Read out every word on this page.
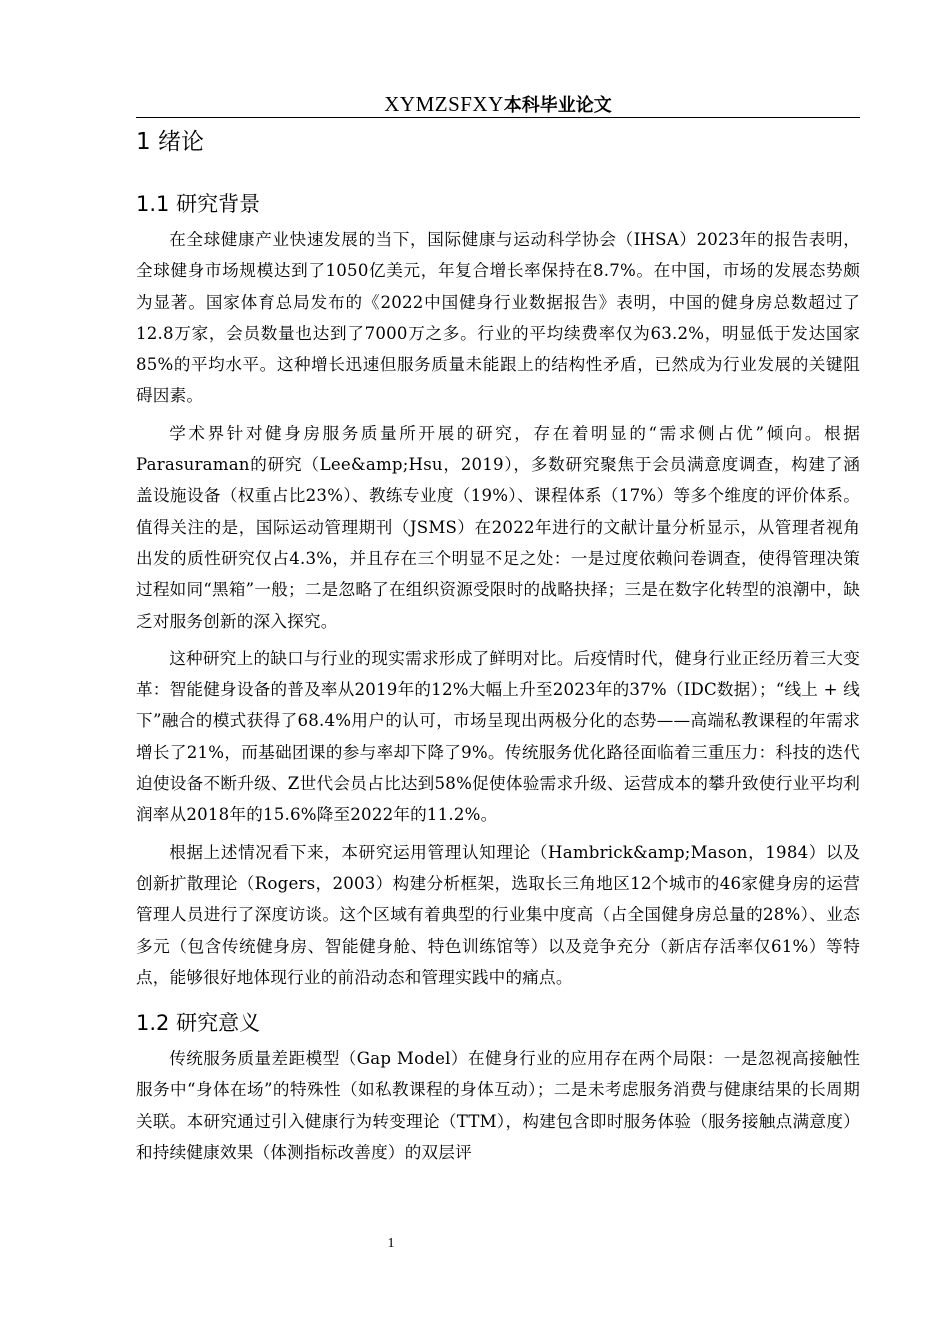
XYMZSFXY本科毕业论文
1 绪论
1.1 研究背景

在全球健康产业快速发展的当下，国际健康与运动科学协会（IHSA）2023年的报告表明，全球健身市场规模达到了1050亿美元，年复合增长率保持在8.7%。在中国，市场的发展态势颇为显著。国家体育总局发布的《2022中国健身行业数据报告》表明，中国的健身房总数超过了12.8万家，会员数量也达到了7000万之多。行业的平均续费率仅为63.2%，明显低于发达国家85%的平均水平。这种增长迅速但服务质量未能跟上的结构性矛盾，已然成为行业发展的关键阻碍因素。

学术界针对健身房服务质量所开展的研究，存在着明显的“需求侧占优”倾向。根据Parasuraman的研究（Lee&amp;Hsu，2019），多数研究聚焦于会员满意度调查，构建了涵盖设施设备（权重占比23%）、教练专业度（19%）、课程体系（17%）等多个维度的评价体系。值得关注的是，国际运动管理期刊（JSMS）在2022年进行的文献计量分析显示，从管理者视角出发的质性研究仅占4.3%，并且存在三个明显不足之处：一是过度依赖问卷调查，使得管理决策过程如同“黑箱”一般；二是忽略了在组织资源受限时的战略抉择；三是在数字化转型的浪潮中，缺乏对服务创新的深入探究。

这种研究上的缺口与行业的现实需求形成了鲜明对比。后疫情时代，健身行业正经历着三大变革：智能健身设备的普及率从2019年的12%大幅上升至2023年的37%（IDC数据）；“线上 + 线下”融合的模式获得了68.4%用户的认可，市场呈现出两极分化的态势——高端私教课程的年需求增长了21%，而基础团课的参与率却下降了9%。传统服务优化路径面临着三重压力：科技的迭代迫使设备不断升级、Z世代会员占比达到58%促使体验需求升级、运营成本的攀升致使行业平均利润率从2018年的15.6%降至2022年的11.2%。

根据上述情况看下来，本研究运用管理认知理论（Hambrick&amp;Mason，1984）以及创新扩散理论（Rogers，2003）构建分析框架，选取长三角地区12个城市的46家健身房的运营管理人员进行了深度访谈。这个区域有着典型的行业集中度高（占全国健身房总量的28%）、业态多元（包含传统健身房、智能健身舱、特色训练馆等）以及竞争充分（新店存活率仅61%）等特点，能够很好地体现行业的前沿动态和管理实践中的痛点。

1.2 研究意义

传统服务质量差距模型（Gap Model）在健身行业的应用存在两个局限：一是忽视高接触性服务中“身体在场”的特殊性（如私教课程的身体互动）；二是未考虑服务消费与健康结果的长周期关联。本研究通过引入健康行为转变理论（TTM），构建包含即时服务体验（服务接触点满意度）和持续健康效果（体测指标改善度）的双层评

1
